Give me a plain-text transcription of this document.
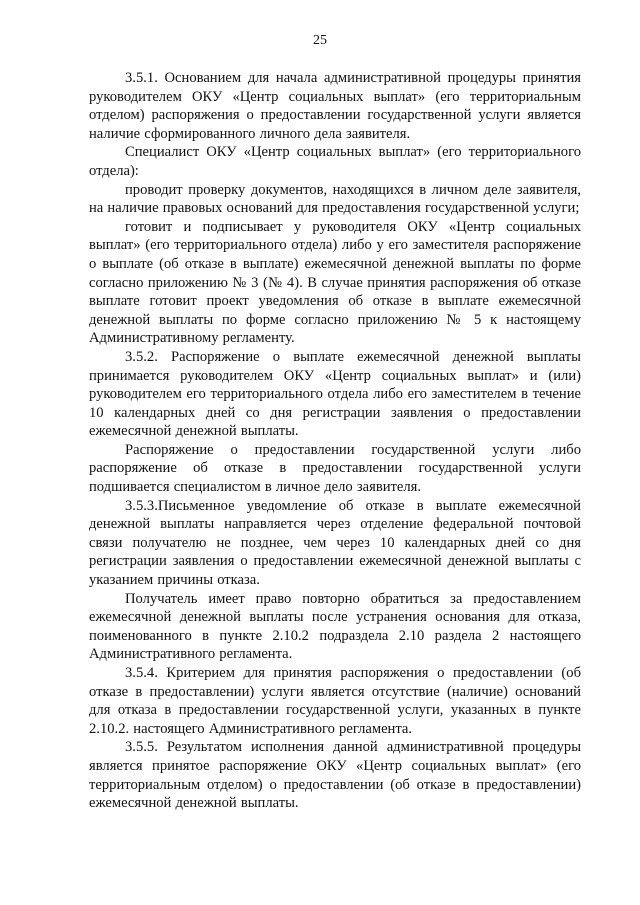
25

3.5.1. Основанием для начала административной процедуры принятия руководителем ОКУ «Центр социальных выплат» (его территориальным отделом) распоряжения о предоставлении государственной услуги является наличие сформированного личного дела заявителя.

Специалист ОКУ «Центр социальных выплат» (его территориального отдела):

проводит проверку документов, находящихся в личном деле заявителя, на наличие правовых оснований для предоставления государственной услуги;

готовит и подписывает у руководителя ОКУ «Центр социальных выплат» (его территориального отдела) либо у его заместителя распоряжение о выплате (об отказе в выплате) ежемесячной денежной выплаты по форме согласно приложению № 3 (№ 4). В случае принятия распоряжения об отказе выплате готовит проект уведомления об отказе в выплате ежемесячной денежной выплаты по форме согласно приложению № 5 к настоящему Административному регламенту.

3.5.2. Распоряжение о выплате ежемесячной денежной выплаты принимается руководителем ОКУ «Центр социальных выплат» и (или) руководителем его территориального отдела либо его заместителем в течение 10 календарных дней со дня регистрации заявления о предоставлении ежемесячной денежной выплаты.

Распоряжение о предоставлении государственной услуги либо распоряжение об отказе в предоставлении государственной услуги подшивается специалистом в личное дело заявителя.

3.5.3.Письменное уведомление об отказе в выплате ежемесячной денежной выплаты направляется через отделение федеральной почтовой связи получателю не позднее, чем через 10 календарных дней со дня регистрации заявления о предоставлении ежемесячной денежной выплаты с указанием причины отказа.

Получатель имеет право повторно обратиться за предоставлением ежемесячной денежной выплаты после устранения основания для отказа, поименованного в пункте 2.10.2 подраздела 2.10 раздела 2 настоящего Административного регламента.

3.5.4. Критерием для принятия распоряжения о предоставлении (об отказе в предоставлении) услуги является отсутствие (наличие) оснований для отказа в предоставлении государственной услуги, указанных в пункте 2.10.2. настоящего Административного регламента.

3.5.5. Результатом исполнения данной административной процедуры является принятое распоряжение ОКУ «Центр социальных выплат» (его территориальным отделом) о предоставлении (об отказе в предоставлении) ежемесячной денежной выплаты.
